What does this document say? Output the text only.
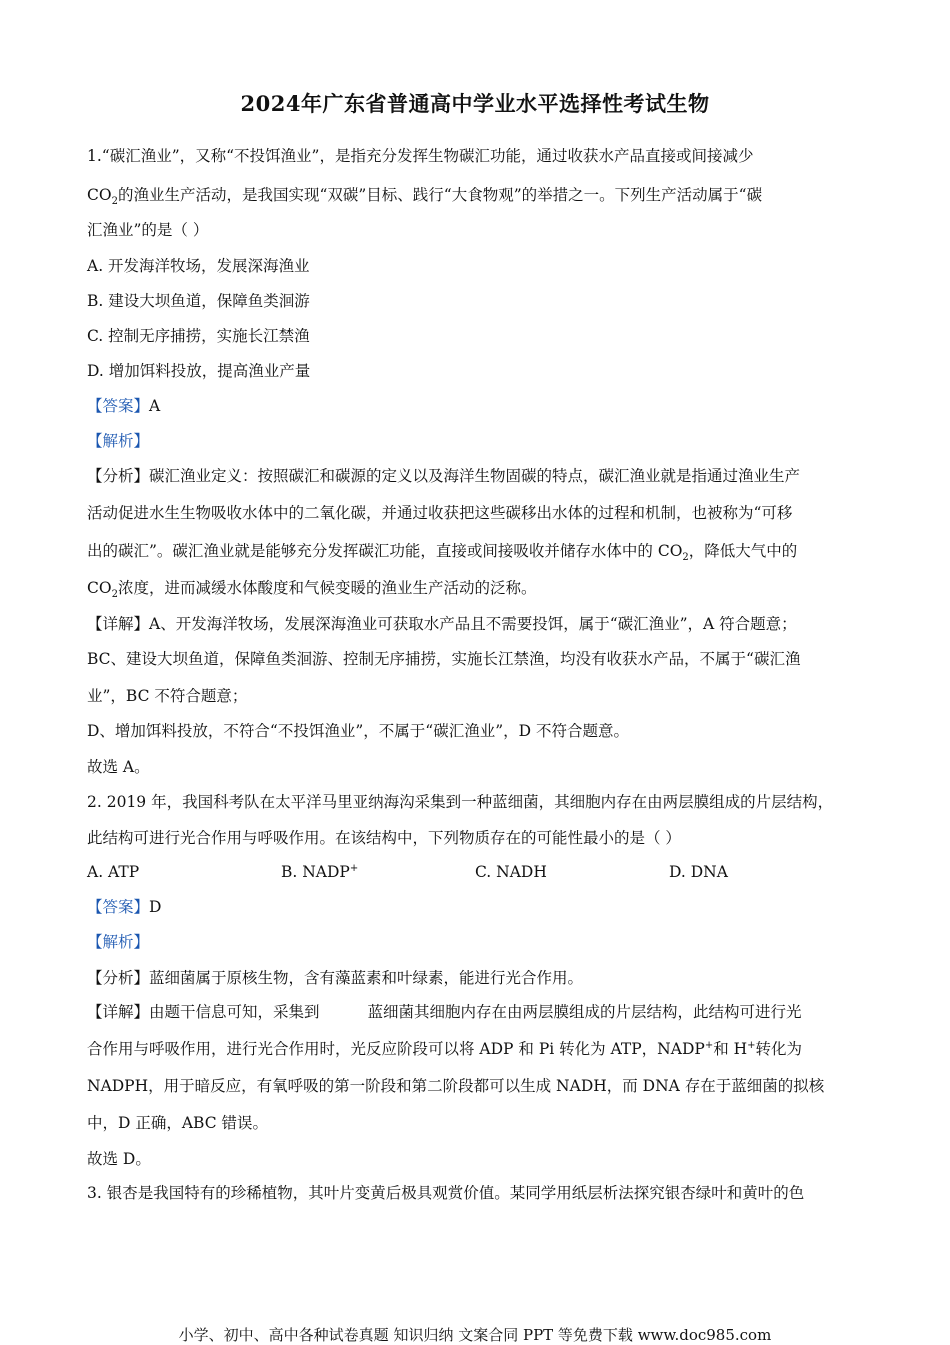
2024年广东省普通高中学业水平选择性考试生物
1.“碳汇渔业”，又称“不投饵渔业”，是指充分发挥生物碳汇功能，通过收获水产品直接或间接减少
$CO_2$的渔业生产活动，是我国实现“双碳”目标、践行“大食物观”的举措之一。下列生产活动属于“碳
汇渔业”的是（ ）
A. 开发海洋牧场，发展深海渔业
B. 建设大坝鱼道，保障鱼类洄游
C. 控制无序捕捞，实施长江禁渔
D. 增加饵料投放，提高渔业产量
【答案】A
【解析】
【分析】碳汇渔业定义：按照碳汇和碳源的定义以及海洋生物固碳的特点，碳汇渔业就是指通过渔业生产
活动促进水生生物吸收水体中的二氧化碳，并通过收获把这些碳移出水体的过程和机制，也被称为“可移
出的碳汇”。碳汇渔业就是能够充分发挥碳汇功能，直接或间接吸收并储存水体中的 $CO_2$，降低大气中的
$CO_2$浓度，进而减缓水体酸度和气候变暖的渔业生产活动的泛称。
【详解】A、开发海洋牧场，发展深海渔业可获取水产品且不需要投饵，属于“碳汇渔业”，A 符合题意；
BC、建设大坝鱼道，保障鱼类洄游、控制无序捕捞，实施长江禁渔，均没有收获水产品，不属于“碳汇渔
业”，BC 不符合题意；
D、增加饵料投放，不符合“不投饵渔业”，不属于“碳汇渔业”，D 不符合题意。
故选 A。
2. 2019 年，我国科考队在太平洋马里亚纳海沟采集到一种蓝细菌，其细胞内存在由两层膜组成的片层结构，
此结构可进行光合作用与呼吸作用。在该结构中，下列物质存在的可能性最小的是（ ）
A. ATP	B. NADP+	C. NADH	D. DNA
【答案】D
【解析】
【分析】蓝细菌属于原核生物，含有藻蓝素和叶绿素，能进行光合作用。
【详解】由题干信息可知，采集到	蓝细菌其细胞内存在由两层膜组成的片层结构，此结构可进行光
合作用与呼吸作用，进行光合作用时，光反应阶段可以将 ADP 和 Pi 转化为 ATP，NADP+和 H+转化为
NADPH，用于暗反应，有氧呼吸的第一阶段和第二阶段都可以生成 NADH，而 DNA 存在于蓝细菌的拟核
中，D 正确，ABC 错误。
故选 D。
3. 银杏是我国特有的珍稀植物，其叶片变黄后极具观赏价值。某同学用纸层析法探究银杏绿叶和黄叶的色
小学、初中、高中各种试卷真题 知识归纳 文案合同 PPT 等免费下载 www.doc985.com
